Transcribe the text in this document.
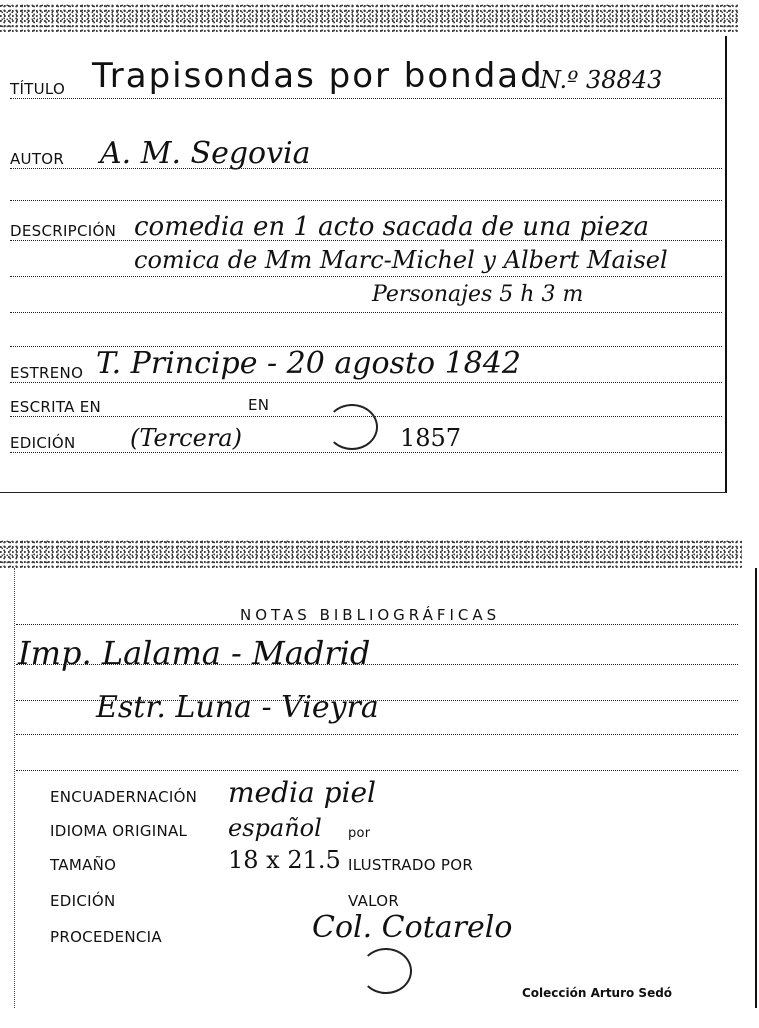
TÍTULO Trapisondas por bondad
N.º 38843
AUTOR A. M. Segovia
DESCRIPCIÓN comedia en 1 acto sacada de una pieza
comica de Mm Marc-Michel y Albert Maisel
Personajes 5 h 3 m
ESTRENO T. Principe - 20 agosto 1842
ESCRITA EN	EN
EDICIÓN (Tercera)	1857
NOTAS BIBLIOGRÁFICAS
Imp. Lalama - Madrid
Estr. Luna - Vieyra
ENCUADERNACIÓN media piel
IDIOMA ORIGINAL español por
TAMAÑO	18 x 21.5 ILUSTRADO POR
EDICIÓN	VALOR
PROCEDENCIA	Col. Cotarelo
Colección Arturo Sedó
